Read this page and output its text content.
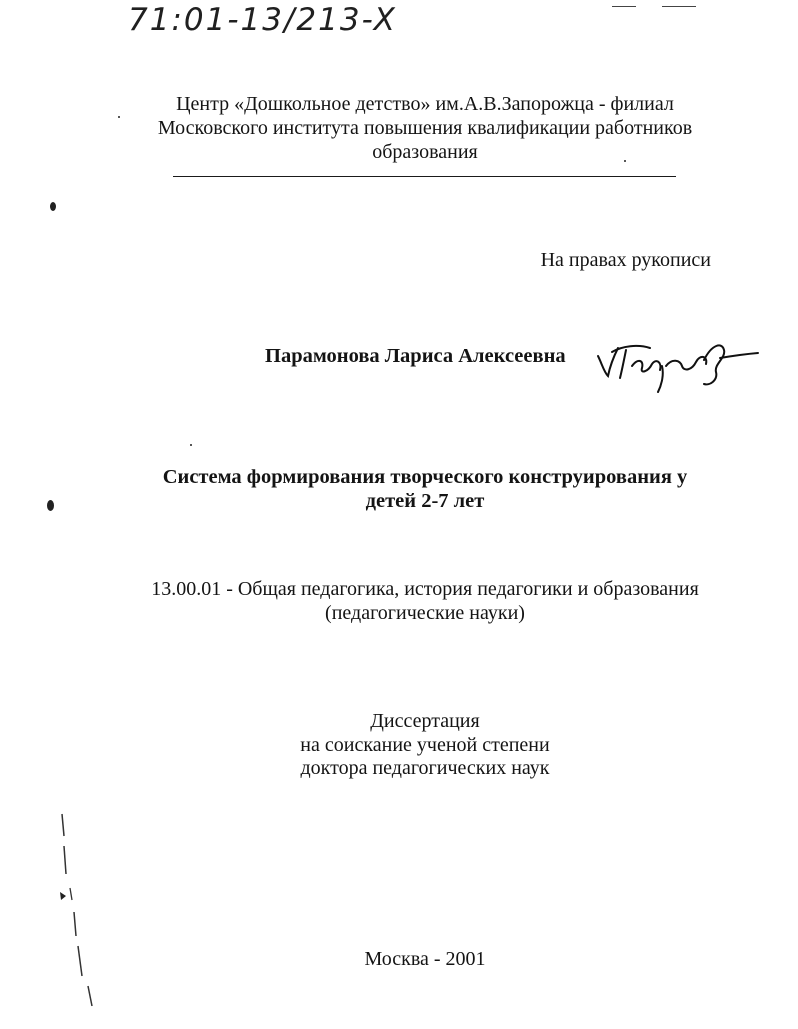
71:01-13/213-X
Центр «Дошкольное детство» им.А.В.Запорожца - филиал
Московского института повышения квалификации работников
образования
На правах рукописи
Парамонова Лариса Алексеевна
Система формирования творческого конструирования у
детей 2-7 лет
13.00.01 - Общая педагогика, история педагогики и образования
(педагогические науки)
Диссертация
на соискание ученой степени
доктора педагогических наук
Москва - 2001
